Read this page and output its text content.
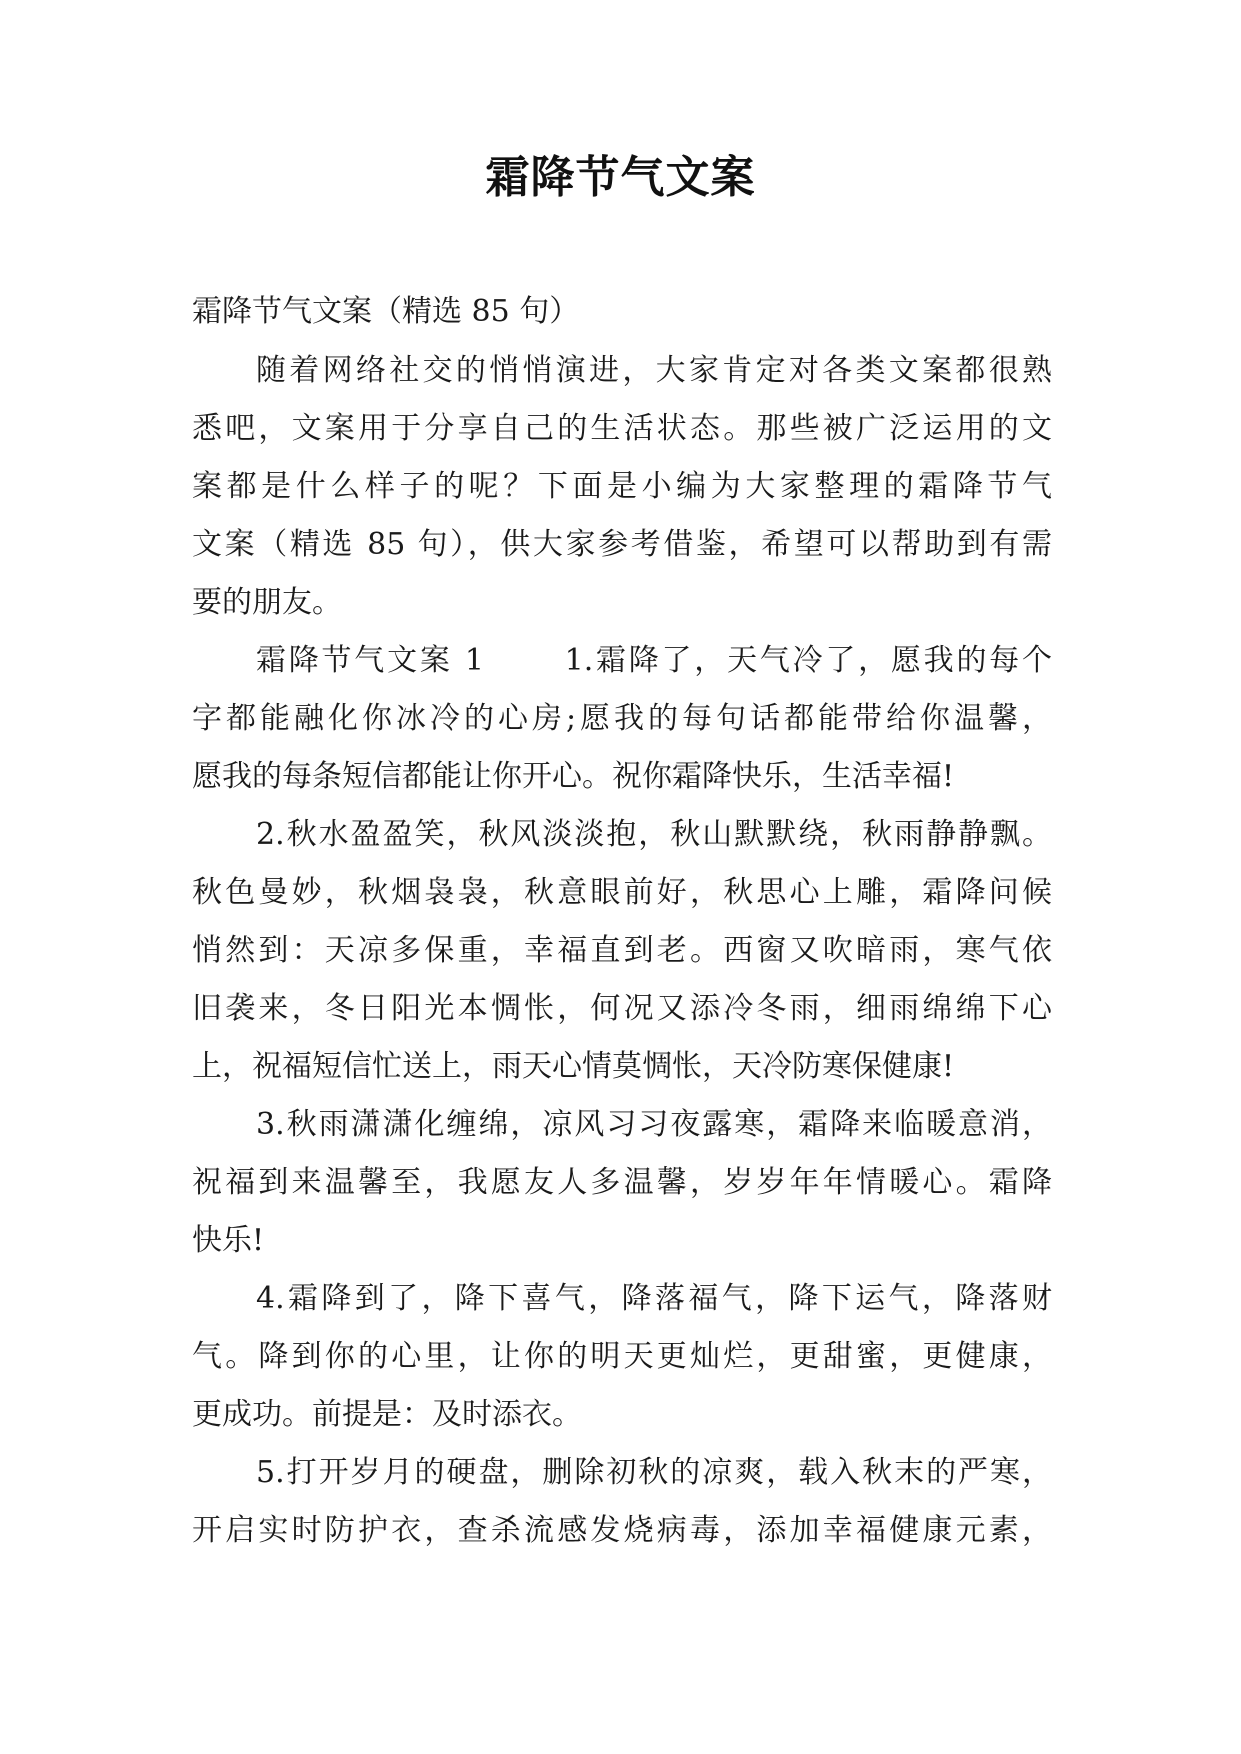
霜降节气文案

霜降节气文案（精选 85 句）

随着网络社交的悄悄演进，大家肯定对各类文案都很熟
悉吧，文案用于分享自己的生活状态。那些被广泛运用的文
案都是什么样子的呢？下面是小编为大家整理的霜降节气
文案（精选 85 句），供大家参考借鉴，希望可以帮助到有需
要的朋友。

霜降节气文案 1　　 1.霜降了，天气冷了，愿我的每个
字都能融化你冰冷的心房;愿我的每句话都能带给你温馨，
愿我的每条短信都能让你开心。祝你霜降快乐，生活幸福!

2.秋水盈盈笑，秋风淡淡抱，秋山默默绕，秋雨静静飘。
秋色曼妙，秋烟袅袅，秋意眼前好，秋思心上雕，霜降问候
悄然到：天凉多保重，幸福直到老。西窗又吹暗雨，寒气依
旧袭来，冬日阳光本惆怅，何况又添冷冬雨，细雨绵绵下心
上，祝福短信忙送上，雨天心情莫惆怅，天冷防寒保健康!

3.秋雨潇潇化缠绵，凉风习习夜露寒，霜降来临暖意消，
祝福到来温馨至，我愿友人多温馨，岁岁年年情暖心。霜降
快乐!

4.霜降到了，降下喜气，降落福气，降下运气，降落财
气。降到你的心里，让你的明天更灿烂，更甜蜜，更健康，
更成功。前提是：及时添衣。

5.打开岁月的硬盘，删除初秋的凉爽，载入秋末的严寒，
开启实时防护衣，查杀流感发烧病毒，添加幸福健康元素，
